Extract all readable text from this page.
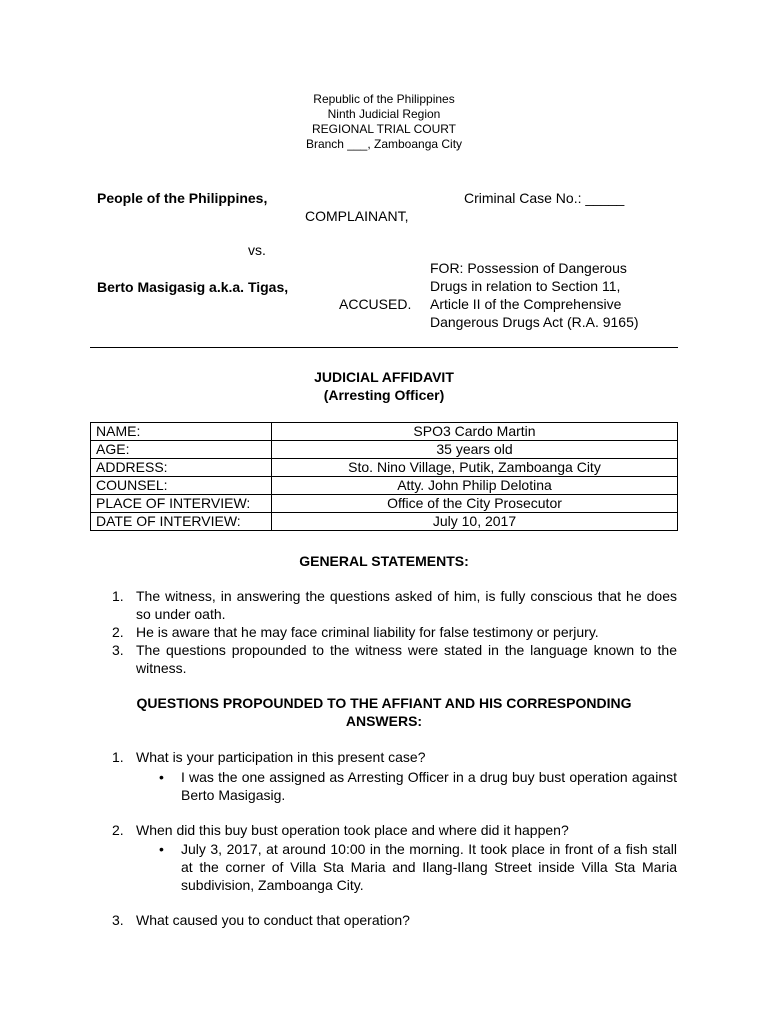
Republic of the Philippines
Ninth Judicial Region
REGIONAL TRIAL COURT
Branch ___, Zamboanga City
People of the Philippines,	Criminal Case No.: _____
COMPLAINANT,
vs.
Berto Masigasig a.k.a. Tigas,
ACCUSED.
FOR: Possession of Dangerous
Drugs in relation to Section 11,
Article II of the Comprehensive
Dangerous Drugs Act (R.A. 9165)
JUDICIAL AFFIDAVIT
(Arresting Officer)
NAME:	SPO3 Cardo Martin
AGE:	35 years old
ADDRESS:	Sto. Nino Village, Putik, Zamboanga City
COUNSEL:	Atty. John Philip Delotina
PLACE OF INTERVIEW:	Office of the City Prosecutor
DATE OF INTERVIEW:	July 10, 2017
GENERAL STATEMENTS:
1. The witness, in answering the questions asked of him, is fully conscious that he does so under oath.
2. He is aware that he may face criminal liability for false testimony or perjury.
3. The questions propounded to the witness were stated in the language known to the witness.
QUESTIONS PROPOUNDED TO THE AFFIANT AND HIS CORRESPONDING
ANSWERS:
1. What is your participation in this present case?
• I was the one assigned as Arresting Officer in a drug buy bust operation against Berto Masigasig.
2. When did this buy bust operation took place and where did it happen?
• July 3, 2017, at around 10:00 in the morning. It took place in front of a fish stall at the corner of Villa Sta Maria and Ilang-Ilang Street inside Villa Sta Maria subdivision, Zamboanga City.
3. What caused you to conduct that operation?
